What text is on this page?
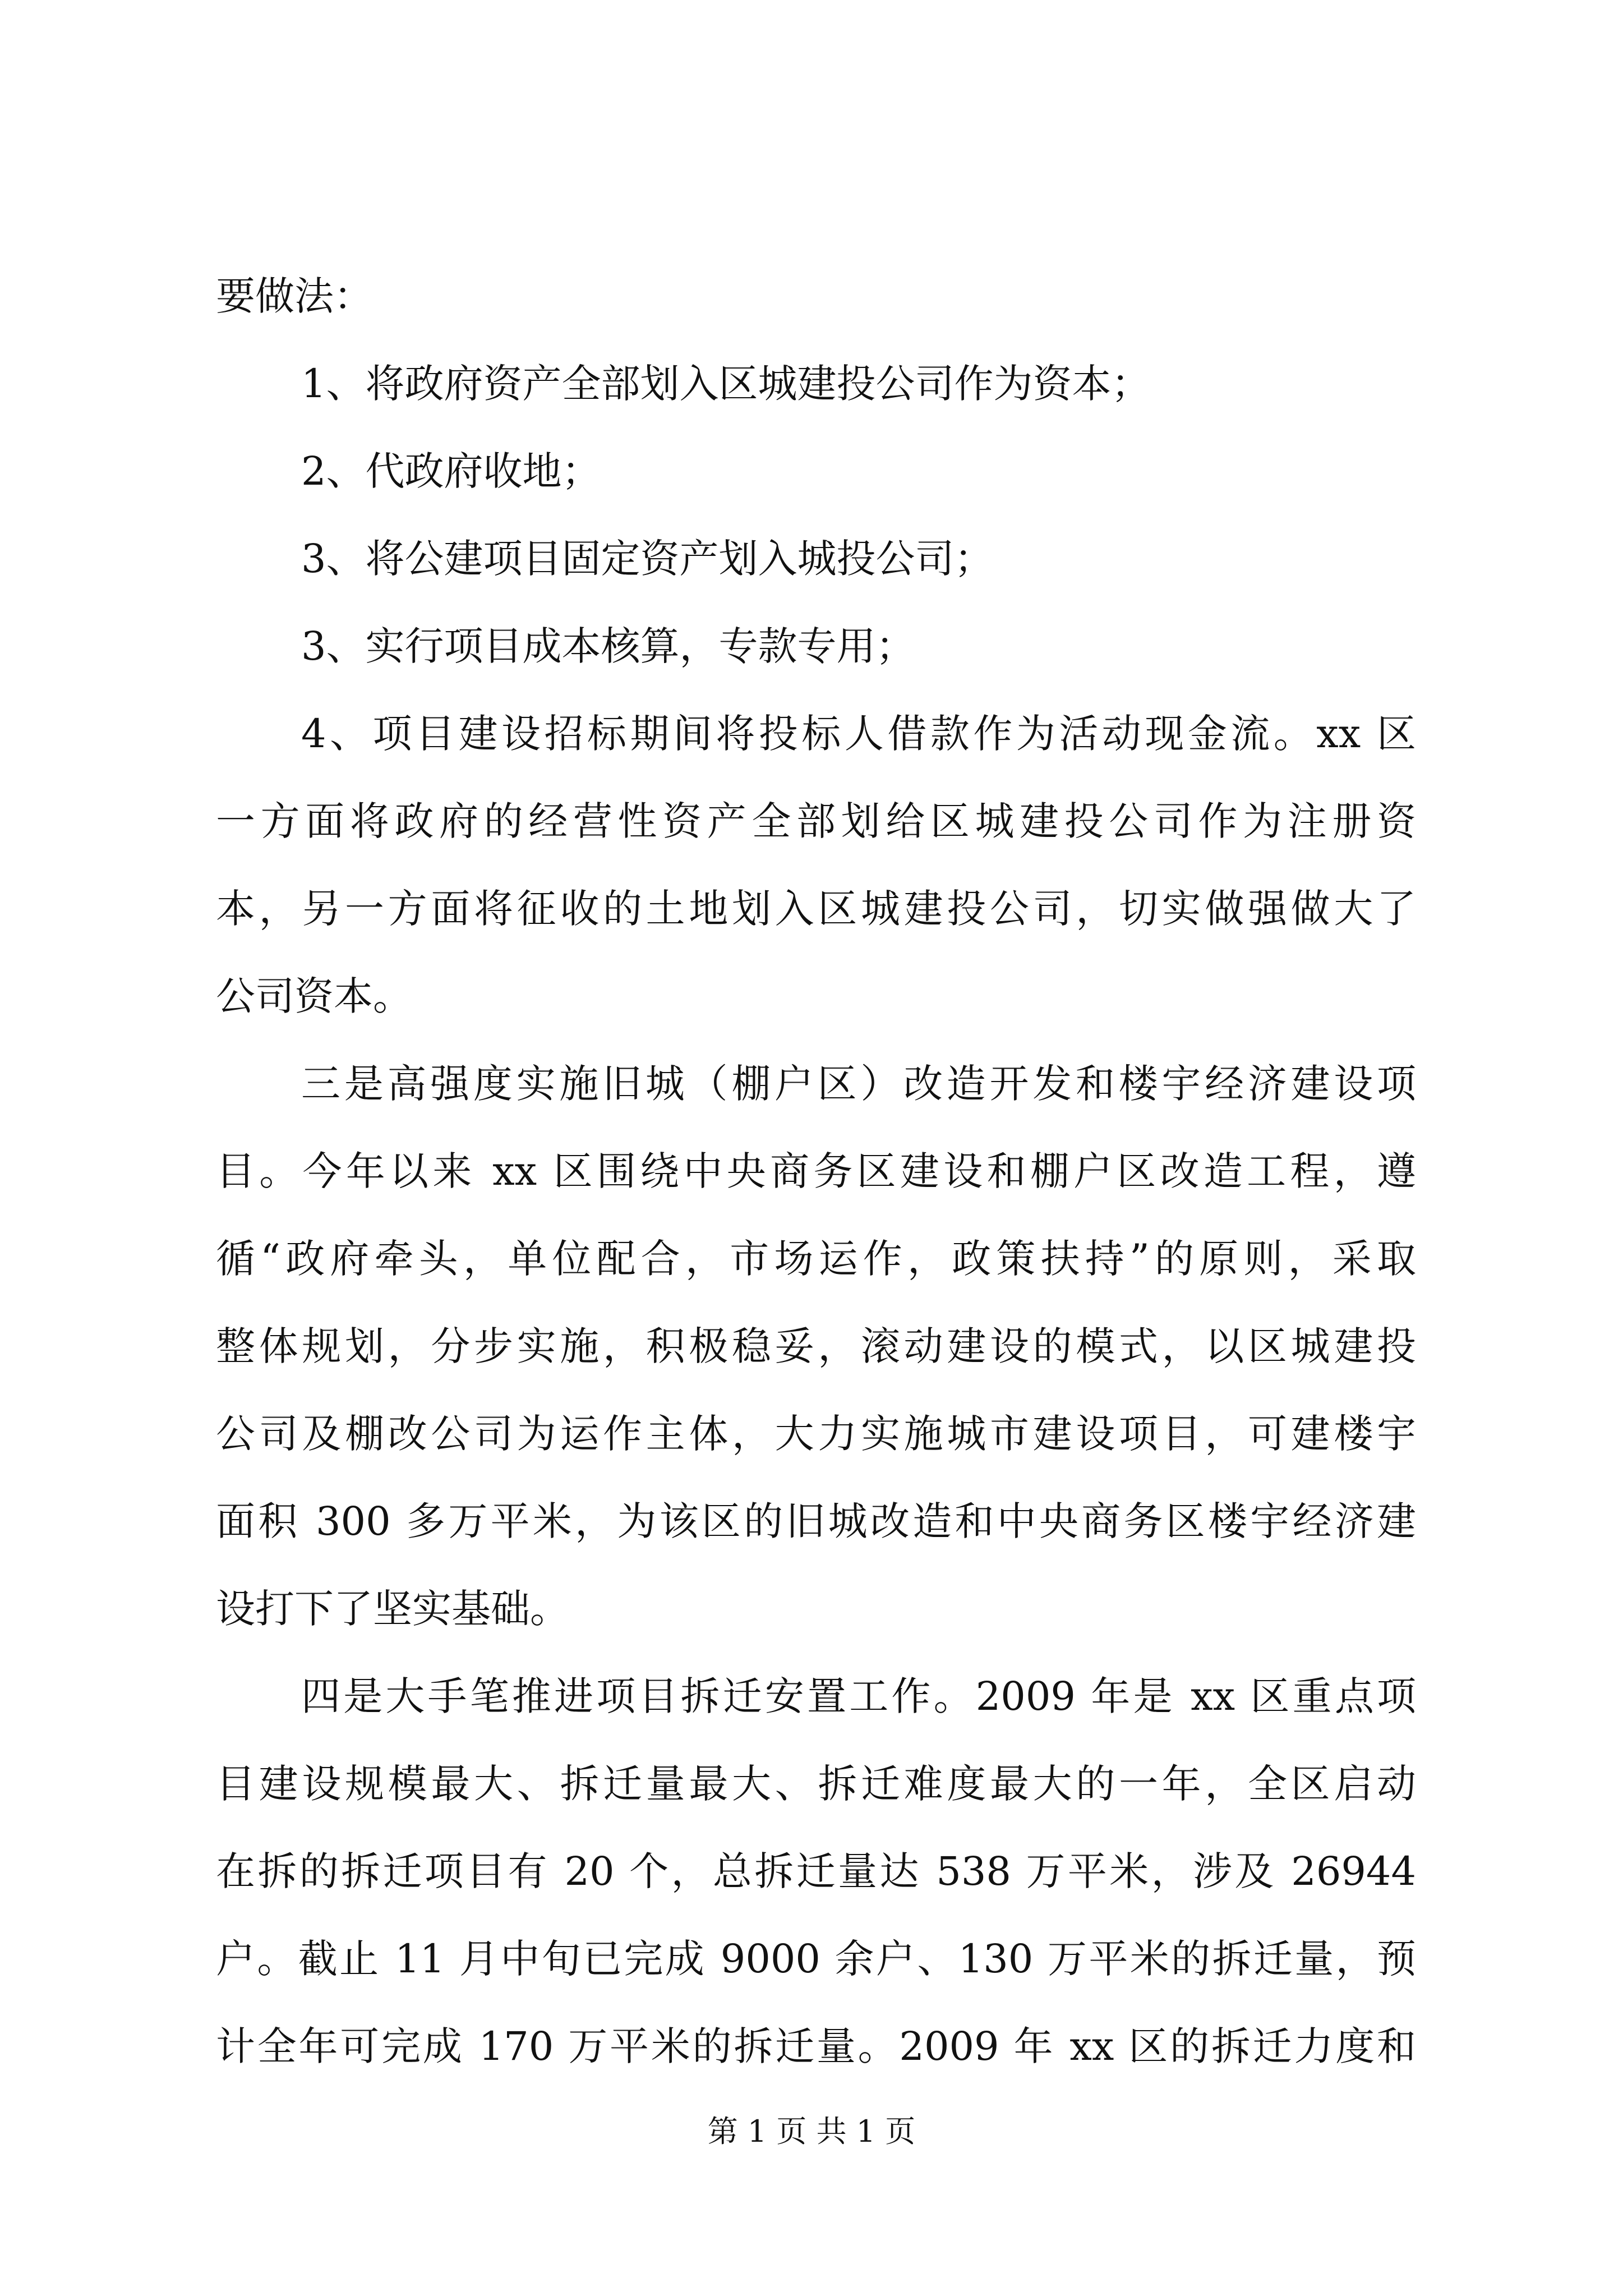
要做法：

1、将政府资产全部划入区城建投公司作为资本；

2、代政府收地；

3、将公建项目固定资产划入城投公司；

3、实行项目成本核算，专款专用；

4、项目建设招标期间将投标人借款作为活动现金流。xx 区

一方面将政府的经营性资产全部划给区城建投公司作为注册资

本，另一方面将征收的土地划入区城建投公司，切实做强做大了

公司资本。

三是高强度实施旧城（棚户区）改造开发和楼宇经济建设项

目。今年以来 xx 区围绕中央商务区建设和棚户区改造工程，遵

循“政府牵头，单位配合，市场运作，政策扶持”的原则，采取

整体规划，分步实施，积极稳妥，滚动建设的模式，以区城建投

公司及棚改公司为运作主体，大力实施城市建设项目，可建楼宇

面积 300 多万平米，为该区的旧城改造和中央商务区楼宇经济建

设打下了坚实基础。

四是大手笔推进项目拆迁安置工作。2009 年是 xx 区重点项

目建设规模最大、拆迁量最大、拆迁难度最大的一年，全区启动

在拆的拆迁项目有 20 个，总拆迁量达 538 万平米，涉及 26944

户。截止 11 月中旬已完成 9000 余户、130 万平米的拆迁量，预

计全年可完成 170 万平米的拆迁量。2009 年 xx 区的拆迁力度和

第 1 页 共 1 页
